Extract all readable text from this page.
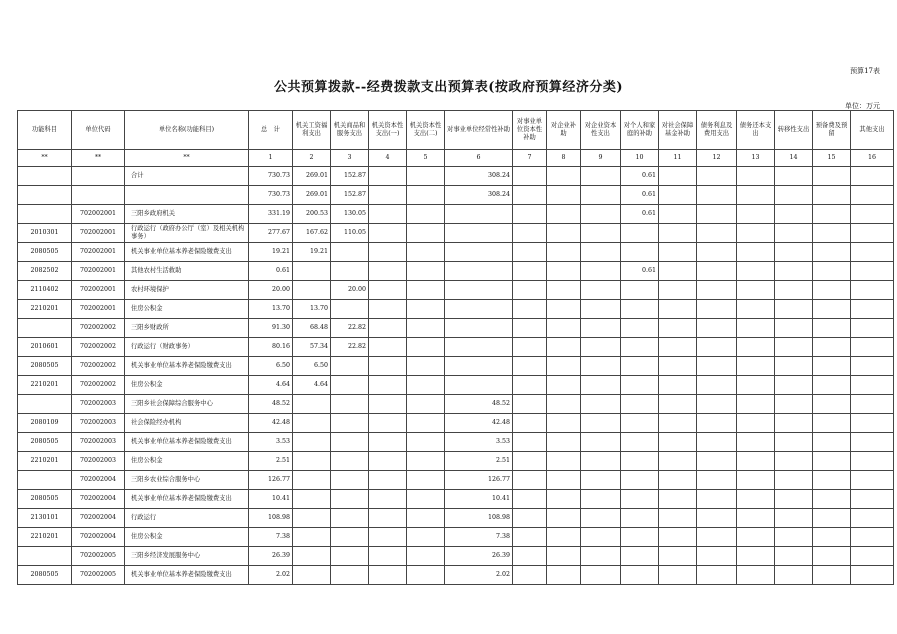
预算17表
公共预算拨款--经费拨款支出预算表(按政府预算经济分类)
单位：万元
功能科目	单位代码	单位名称(功能科目)	总　计	机关工资福利支出	机关商品和服务支出	机关资本性支出(一)	机关资本性支出(二)	对事业单位经常性补助	对事业单位资本性补助	对企业补助	对企业资本性支出	对个人和家庭的补助	对社会保障基金补助	债务利息及费用支出	债务还本支出	转移性支出	预备费及预留	其他支出
**	**	**	1	2	3	4	5	6	7	8	9	10	11	12	13	14	15	16
		合计	730.73	269.01	152.87			308.24				0.61						
			730.73	269.01	152.87			308.24				0.61						
	702002001	三阳乡政府机关	331.19	200.53	130.05							0.61						
2010301	702002001	行政运行（政府办公厅（室）及相关机构事务）	277.67	167.62	110.05													
2080505	702002001	机关事业单位基本养老保险缴费支出	19.21	19.21														
2082502	702002001	其他农村生活救助	0.61									0.61						
2110402	702002001	农村环境保护	20.00		20.00													
2210201	702002001	住房公积金	13.70	13.70														
	702002002	三阳乡财政所	91.30	68.48	22.82													
2010601	702002002	行政运行（财政事务）	80.16	57.34	22.82													
2080505	702002002	机关事业单位基本养老保险缴费支出	6.50	6.50														
2210201	702002002	住房公积金	4.64	4.64														
	702002003	三阳乡社会保障综合服务中心	48.52					48.52										
2080109	702002003	社会保险经办机构	42.48					42.48										
2080505	702002003	机关事业单位基本养老保险缴费支出	3.53					3.53										
2210201	702002003	住房公积金	2.51					2.51										
	702002004	三阳乡农业综合服务中心	126.77					126.77										
2080505	702002004	机关事业单位基本养老保险缴费支出	10.41					10.41										
2130101	702002004	行政运行	108.98					108.98										
2210201	702002004	住房公积金	7.38					7.38										
	702002005	三阳乡经济发展服务中心	26.39					26.39										
2080505	702002005	机关事业单位基本养老保险缴费支出	2.02					2.02										
